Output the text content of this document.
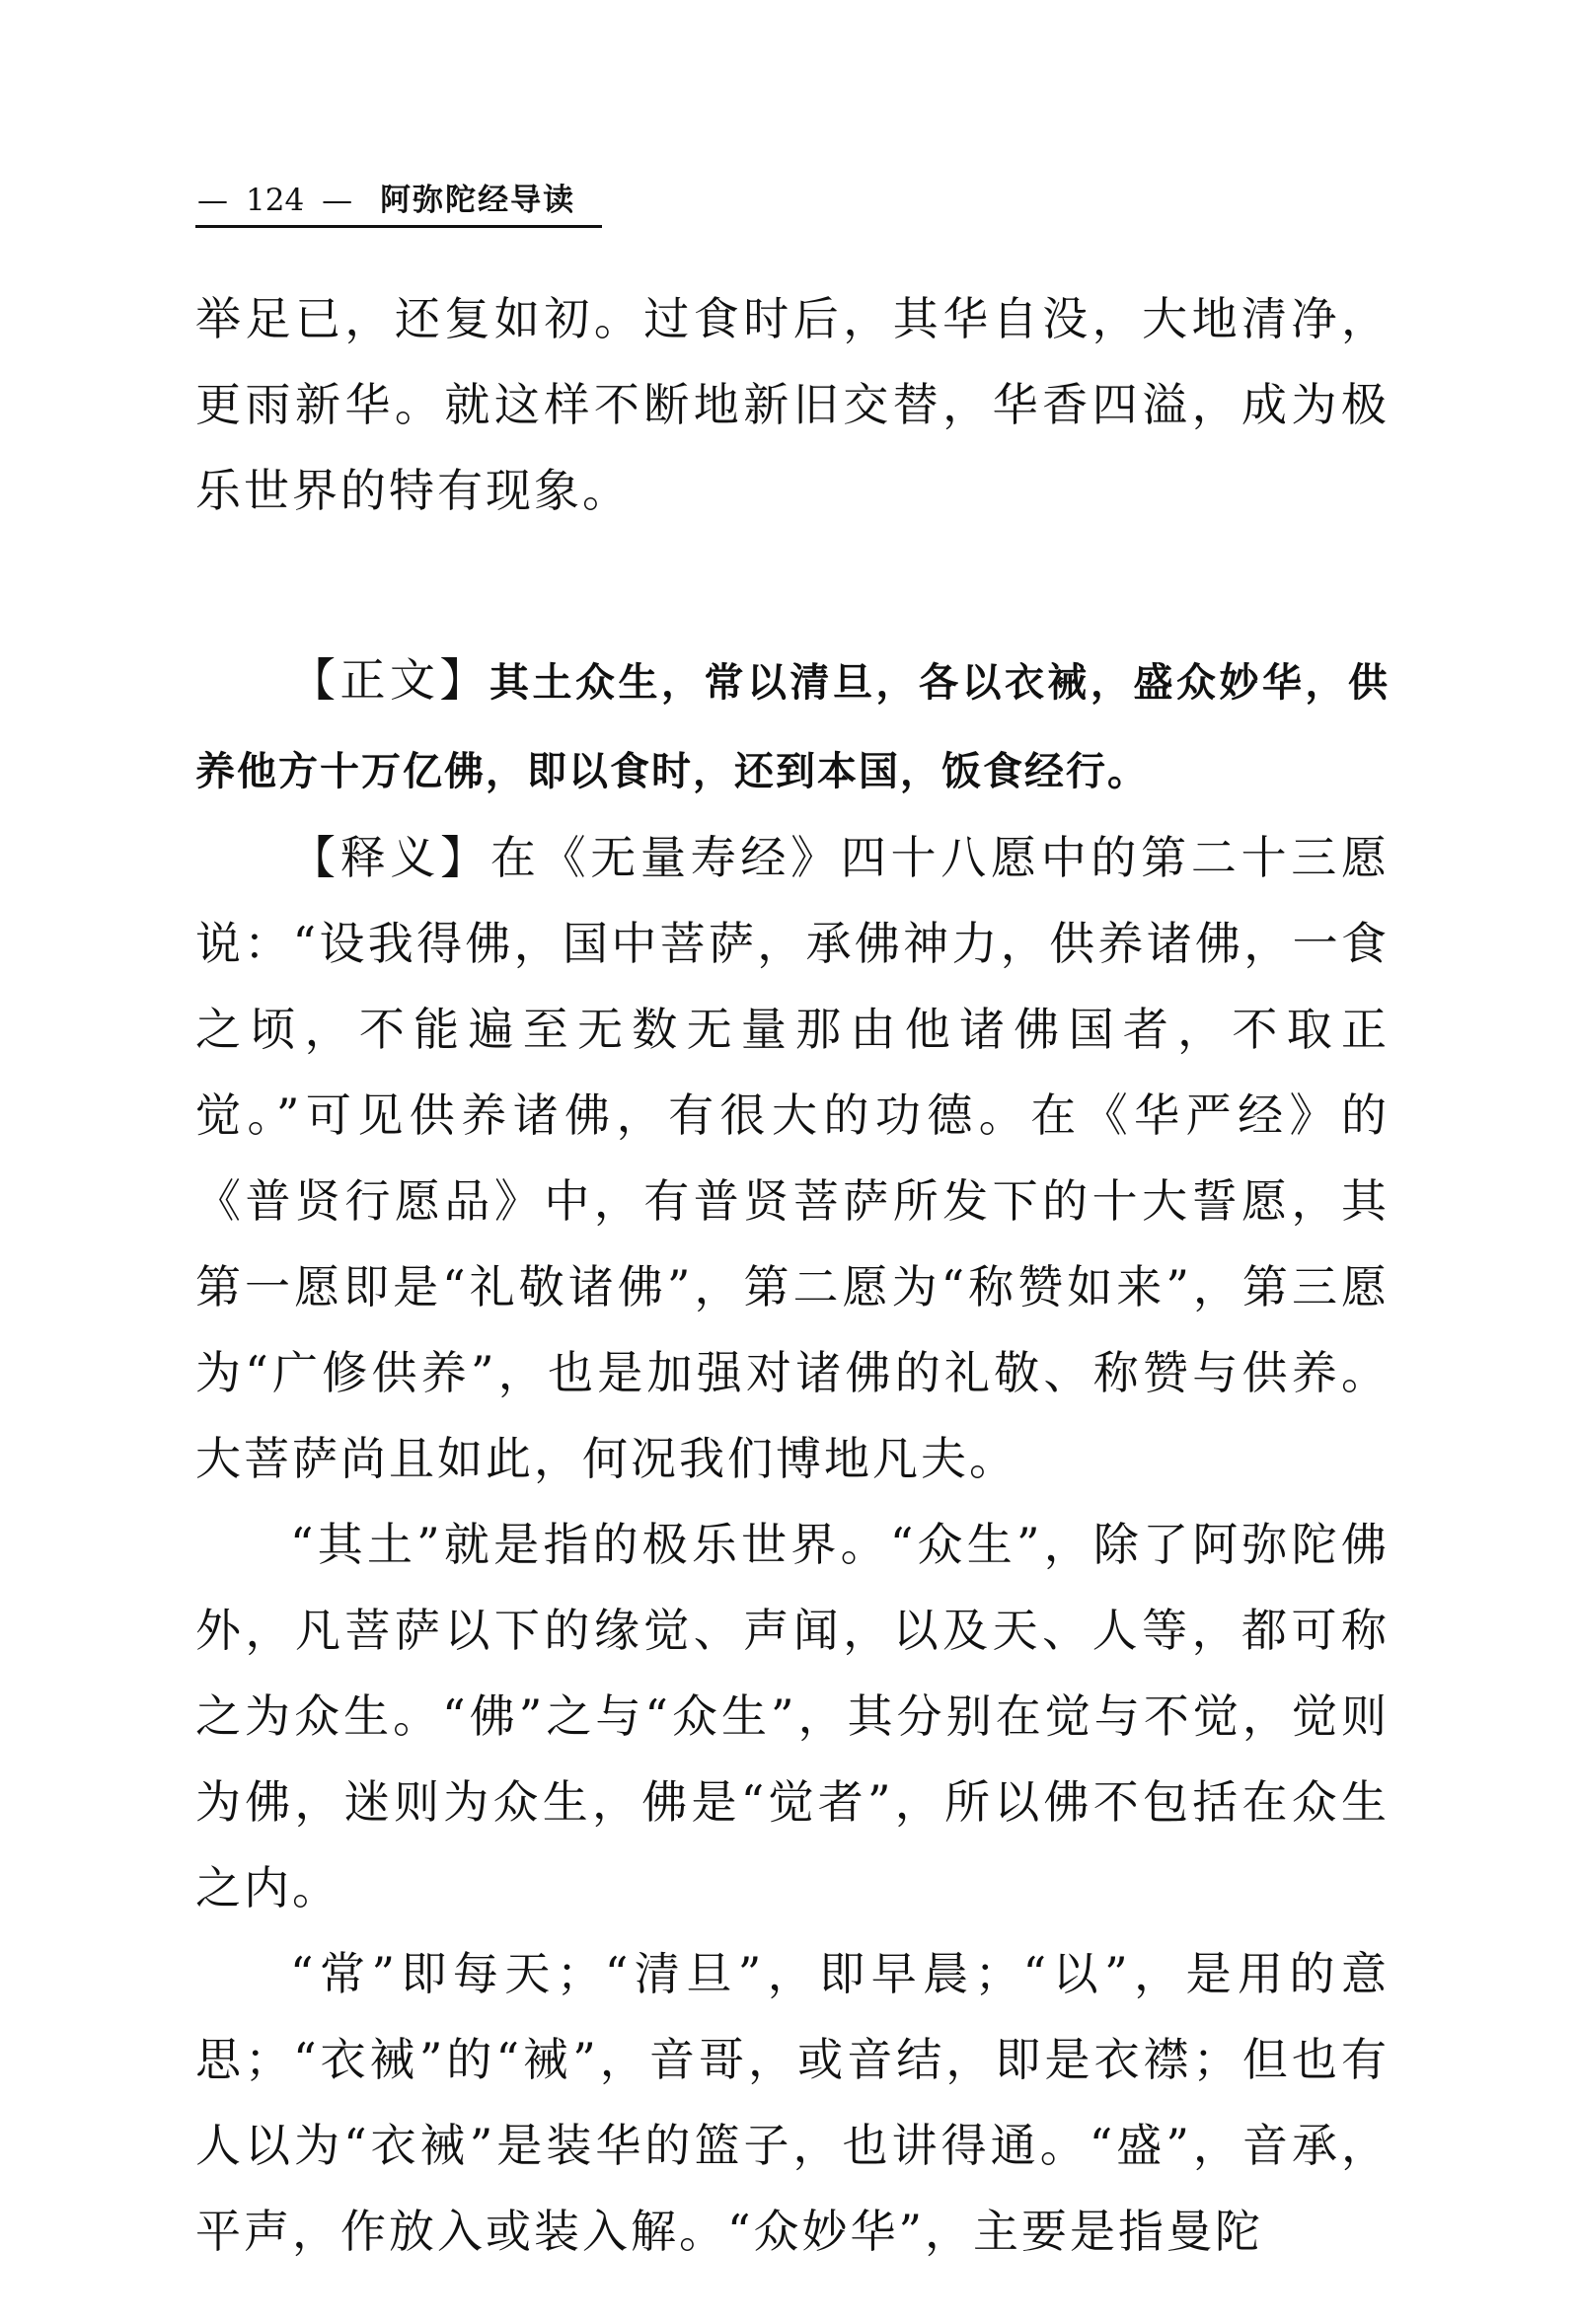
— 124 — 阿弥陀经导读

举足已，还复如初。过食时后，其华自没，大地清净，更雨新华。就这样不断地新旧交替，华香四溢，成为极乐世界的特有现象。

【正文】其土众生，常以清旦，各以衣裓，盛众妙华，供养他方十万亿佛，即以食时，还到本国，饭食经行。

【释义】在《无量寿经》四十八愿中的第二十三愿说：“设我得佛，国中菩萨，承佛神力，供养诸佛，一食之顷，不能遍至无数无量那由他诸佛国者，不取正觉。”可见供养诸佛，有很大的功德。在《华严经》的《普贤行愿品》中，有普贤菩萨所发下的十大誓愿，其第一愿即是“礼敬诸佛”，第二愿为“称赞如来”，第三愿为“广修供养”，也是加强对诸佛的礼敬、称赞与供养。大菩萨尚且如此，何况我们博地凡夫。

“其土”就是指的极乐世界。“众生”，除了阿弥陀佛外，凡菩萨以下的缘觉、声闻，以及天、人等，都可称之为众生。“佛”之与“众生”，其分别在觉与不觉，觉则为佛，迷则为众生，佛是“觉者”，所以佛不包括在众生之内。

“常”即每天；“清旦”，即早晨；“以”，是用的意思；“衣裓”的“裓”，音哥，或音结，即是衣襟；但也有人以为“衣裓”是装华的篮子，也讲得通。“盛”，音承，平声，作放入或装入解。“众妙华”，主要是指曼陀
